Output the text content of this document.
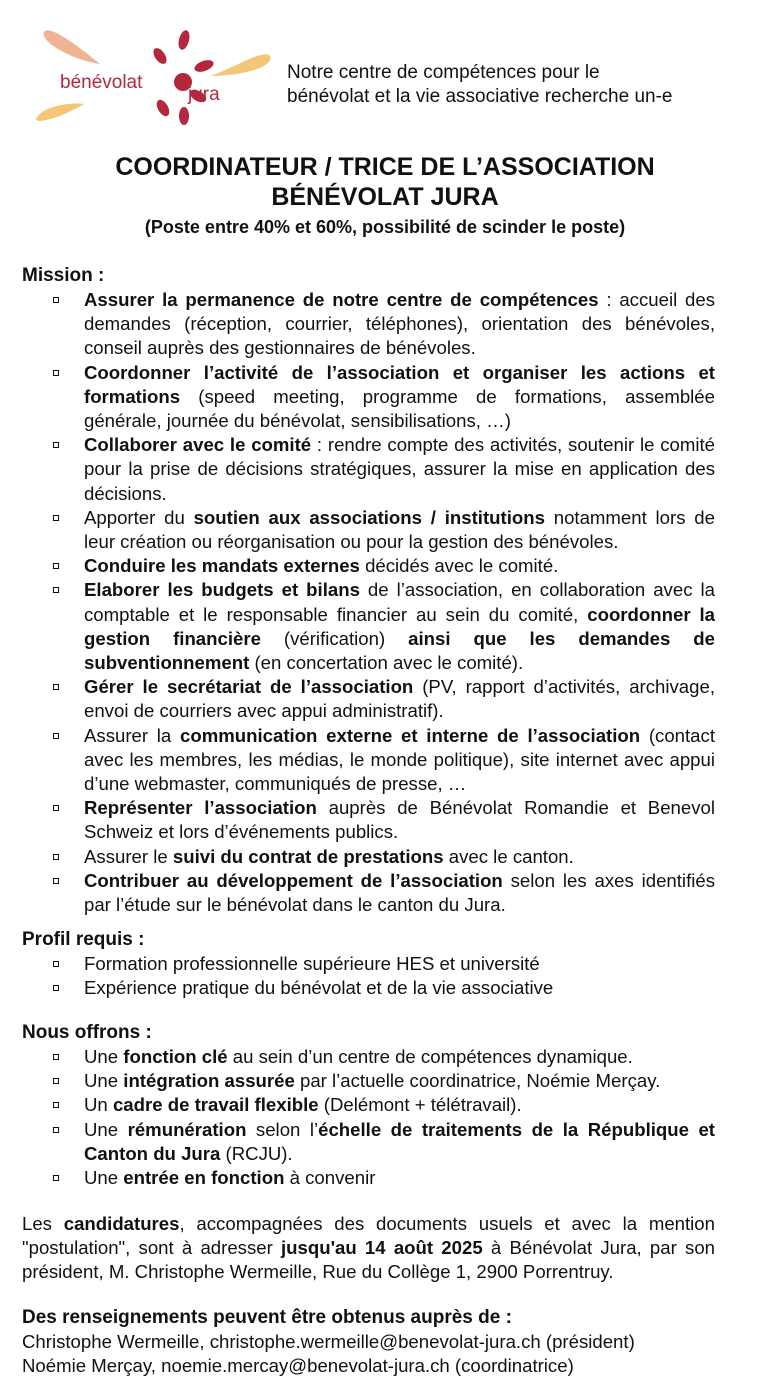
bénévolat
jura
Notre centre de compétences pour le
bénévolat et la vie associative recherche un-e
COORDINATEUR / TRICE DE L’ASSOCIATION
BÉNÉVOLAT JURA
(Poste entre 40% et 60%, possibilité de scinder le poste)
Mission :
Assurer la permanence de notre centre de compétences : accueil des demandes (réception, courrier, téléphones), orientation des bénévoles, conseil auprès des gestionnaires de bénévoles.
Coordonner l’activité de l’association et organiser les actions et formations (speed meeting, programme de formations, assemblée générale, journée du bénévolat, sensibilisations, …)
Collaborer avec le comité : rendre compte des activités, soutenir le comité pour la prise de décisions stratégiques, assurer la mise en application des décisions.
Apporter du soutien aux associations / institutions notamment lors de leur création ou réorganisation ou pour la gestion des bénévoles.
Conduire les mandats externes décidés avec le comité.
Elaborer les budgets et bilans de l’association, en collaboration avec la comptable et le responsable financier au sein du comité, coordonner la gestion financière (vérification) ainsi que les demandes de subventionnement (en concertation avec le comité).
Gérer le secrétariat de l’association (PV, rapport d’activités, archivage, envoi de courriers avec appui administratif).
Assurer la communication externe et interne de l’association (contact avec les membres, les médias, le monde politique), site internet avec appui d’une webmaster, communiqués de presse, …
Représenter l’association auprès de Bénévolat Romandie et Benevol Schweiz et lors d’événements publics.
Assurer le suivi du contrat de prestations avec le canton.
Contribuer au développement de l’association selon les axes identifiés par l’étude sur le bénévolat dans le canton du Jura.
Profil requis :
Formation professionnelle supérieure HES et université
Expérience pratique du bénévolat et de la vie associative
Nous offrons :
Une fonction clé au sein d’un centre de compétences dynamique.
Une intégration assurée par l’actuelle coordinatrice, Noémie Merçay.
Un cadre de travail flexible (Delémont + télétravail).
Une rémunération selon l’échelle de traitements de la République et Canton du Jura (RCJU).
Une entrée en fonction à convenir
Les candidatures, accompagnées des documents usuels et avec la mention "postulation", sont à adresser jusqu'au 14 août 2025 à Bénévolat Jura, par son président, M. Christophe Wermeille, Rue du Collège 1, 2900 Porrentruy.
Des renseignements peuvent être obtenus auprès de :
Christophe Wermeille, christophe.wermeille@benevolat-jura.ch (président)
Noémie Merçay, noemie.mercay@benevolat-jura.ch (coordinatrice)
